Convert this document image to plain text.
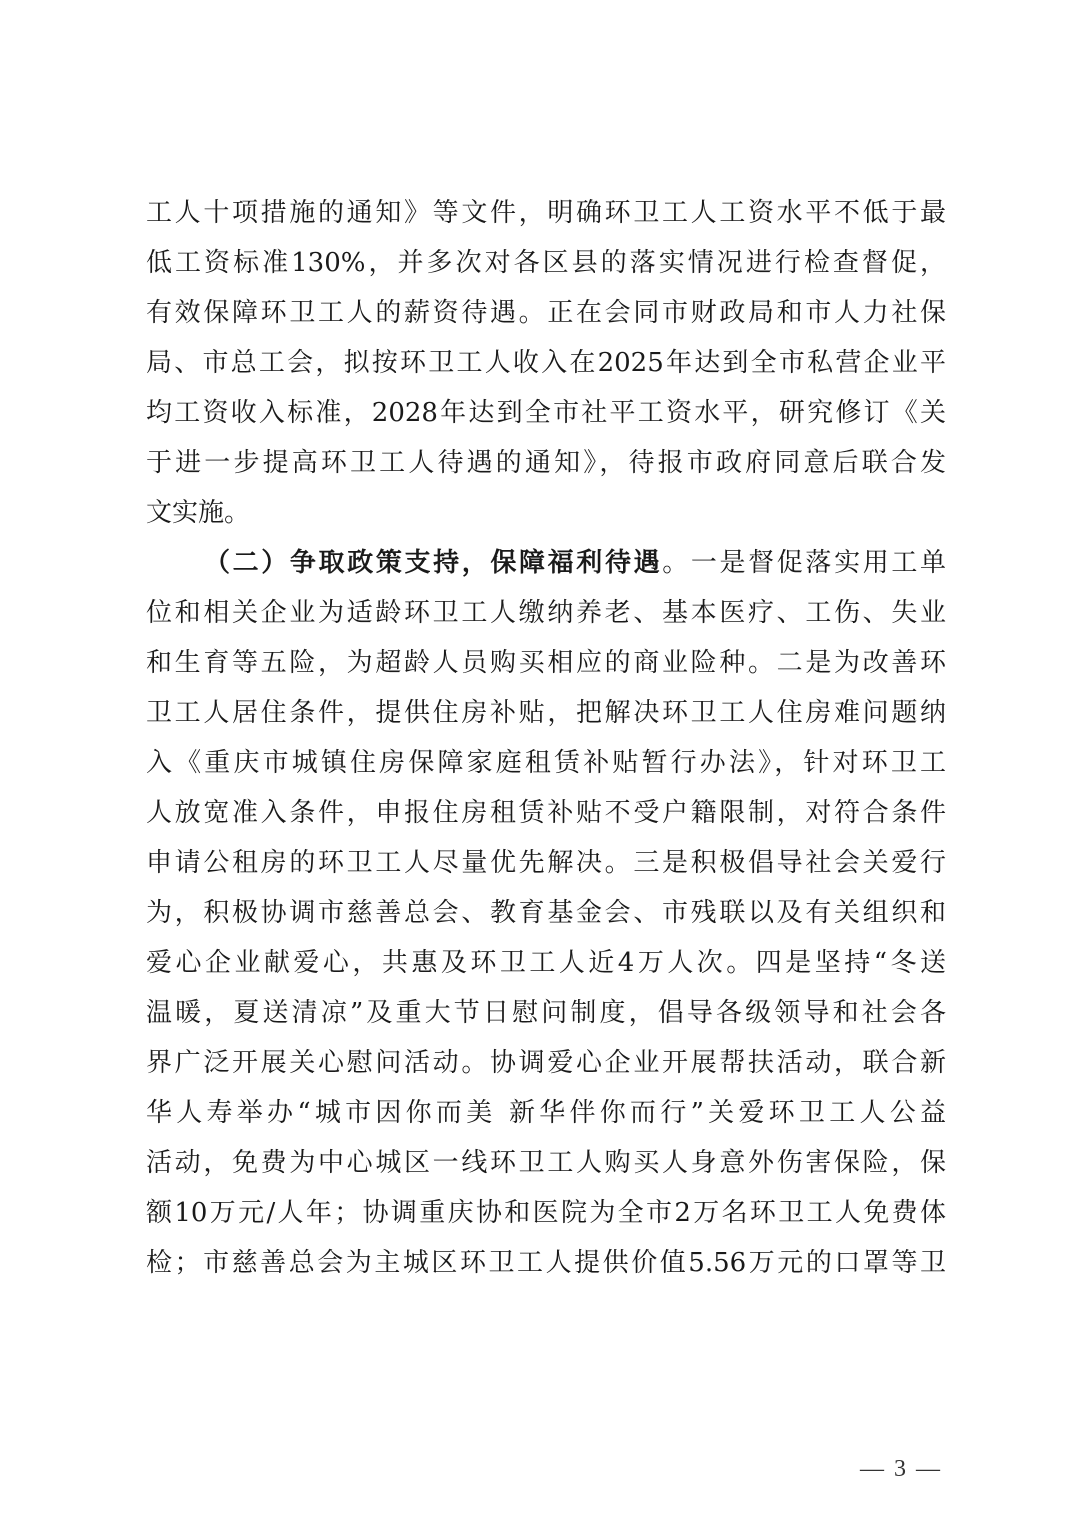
工人十项措施的通知》等文件，明确环卫工人工资水平不低于最
低工资标准130%，并多次对各区县的落实情况进行检查督促，
有效保障环卫工人的薪资待遇。正在会同市财政局和市人力社保
局、市总工会，拟按环卫工人收入在2025年达到全市私营企业平
均工资收入标准，2028年达到全市社平工资水平，研究修订《关
于进一步提高环卫工人待遇的通知》，待报市政府同意后联合发
文实施。
（二）争取政策支持，保障福利待遇。一是督促落实用工单
位和相关企业为适龄环卫工人缴纳养老、基本医疗、工伤、失业
和生育等五险，为超龄人员购买相应的商业险种。二是为改善环
卫工人居住条件，提供住房补贴，把解决环卫工人住房难问题纳
入《重庆市城镇住房保障家庭租赁补贴暂行办法》，针对环卫工
人放宽准入条件，申报住房租赁补贴不受户籍限制，对符合条件
申请公租房的环卫工人尽量优先解决。三是积极倡导社会关爱行
为，积极协调市慈善总会、教育基金会、市残联以及有关组织和
爱心企业献爱心，共惠及环卫工人近4万人次。四是坚持“冬送
温暖，夏送清凉”及重大节日慰问制度，倡导各级领导和社会各
界广泛开展关心慰问活动。协调爱心企业开展帮扶活动，联合新
华人寿举办“城市因你而美 新华伴你而行”关爱环卫工人公益
活动，免费为中心城区一线环卫工人购买人身意外伤害保险，保
额10万元/人年；协调重庆协和医院为全市2万名环卫工人免费体
检；市慈善总会为主城区环卫工人提供价值5.56万元的口罩等卫
— 3 —
